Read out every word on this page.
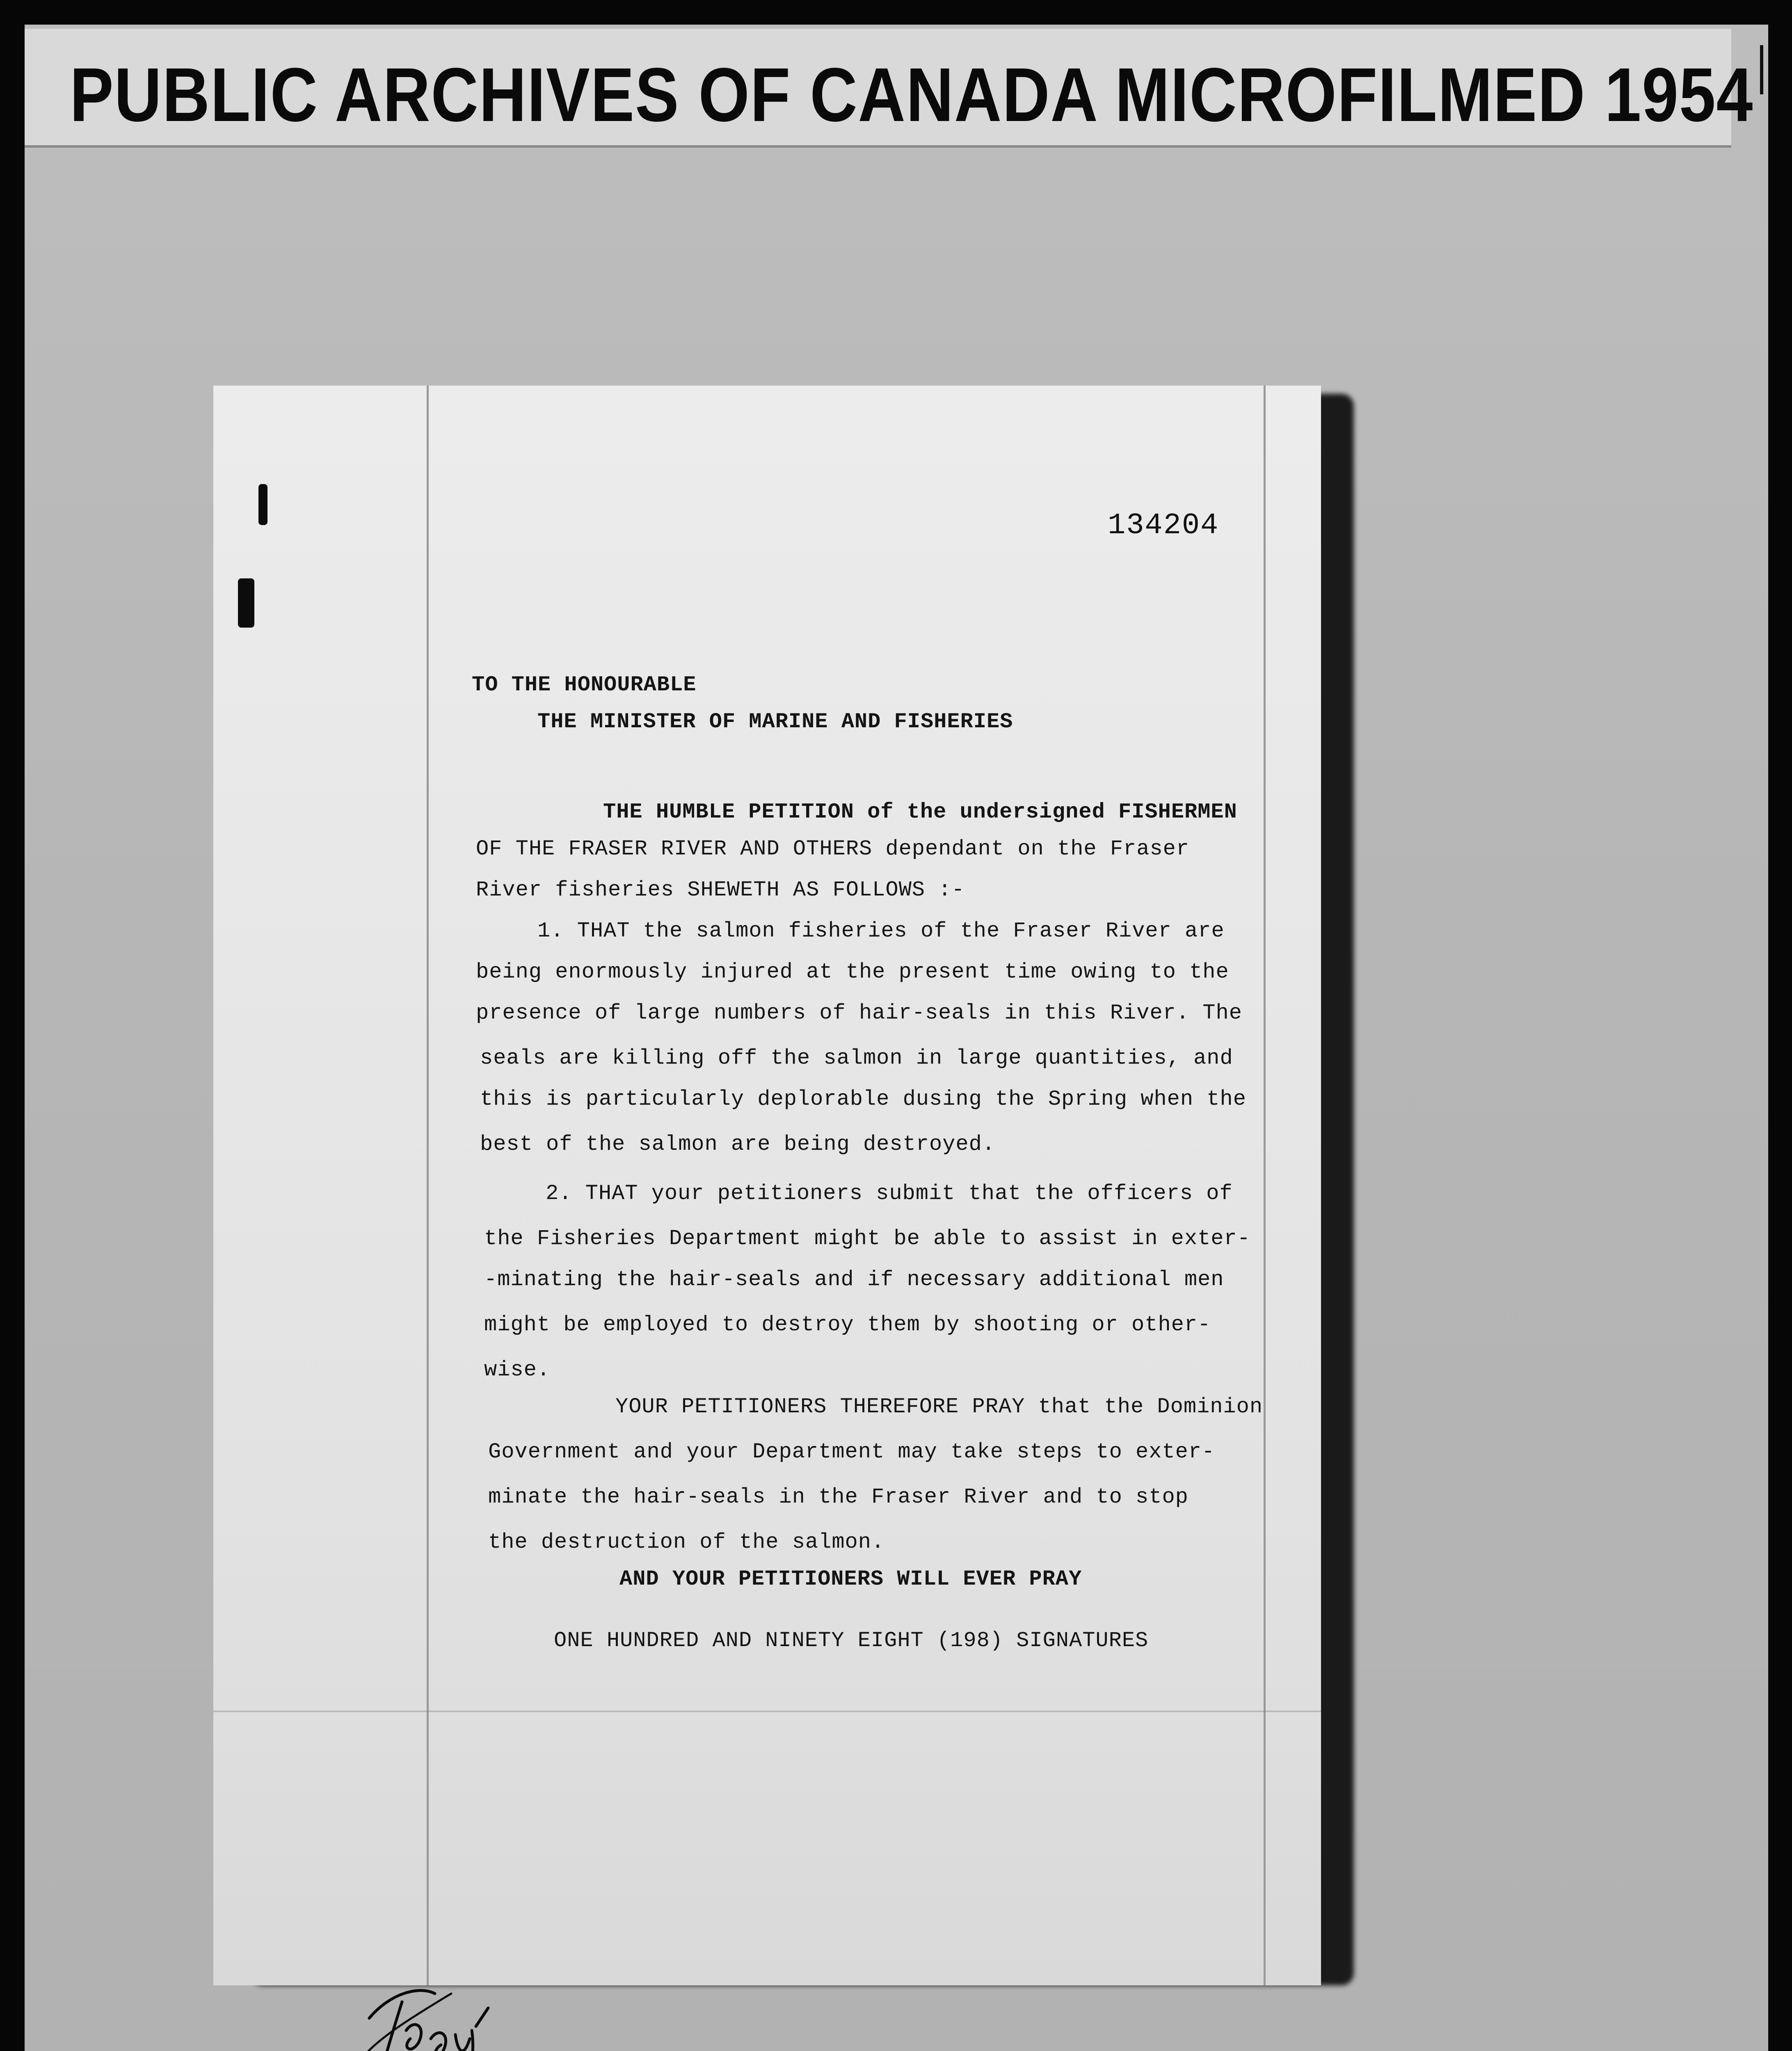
PUBLIC ARCHIVES OF CANADA MICROFILMED 1954
134204
TO THE HONOURABLE
THE MINISTER OF MARINE AND FISHERIES
THE HUMBLE PETITION of the undersigned FISHERMEN
OF THE FRASER RIVER AND OTHERS dependant on the Fraser
River fisheries SHEWETH AS FOLLOWS :-
1. THAT the salmon fisheries of the Fraser River are
being enormously injured at the present time owing to the
presence of large numbers of hair-seals in this River. The
seals are killing off the salmon in large quantities, and
this is particularly deplorable dusing the Spring when the
best of the salmon are being destroyed.
2. THAT your petitioners submit that the officers of
the Fisheries Department might be able to assist in exter-
-minating the hair-seals and if necessary additional men
might be employed to destroy them by shooting or other-
wise.
YOUR PETITIONERS THEREFORE PRAY that the Dominion
Government and your Department may take steps to exter-
minate the hair-seals in the Fraser River and to stop
the destruction of the salmon.
AND YOUR PETITIONERS WILL EVER PRAY
ONE HUNDRED AND NINETY EIGHT (198) SIGNATURES
